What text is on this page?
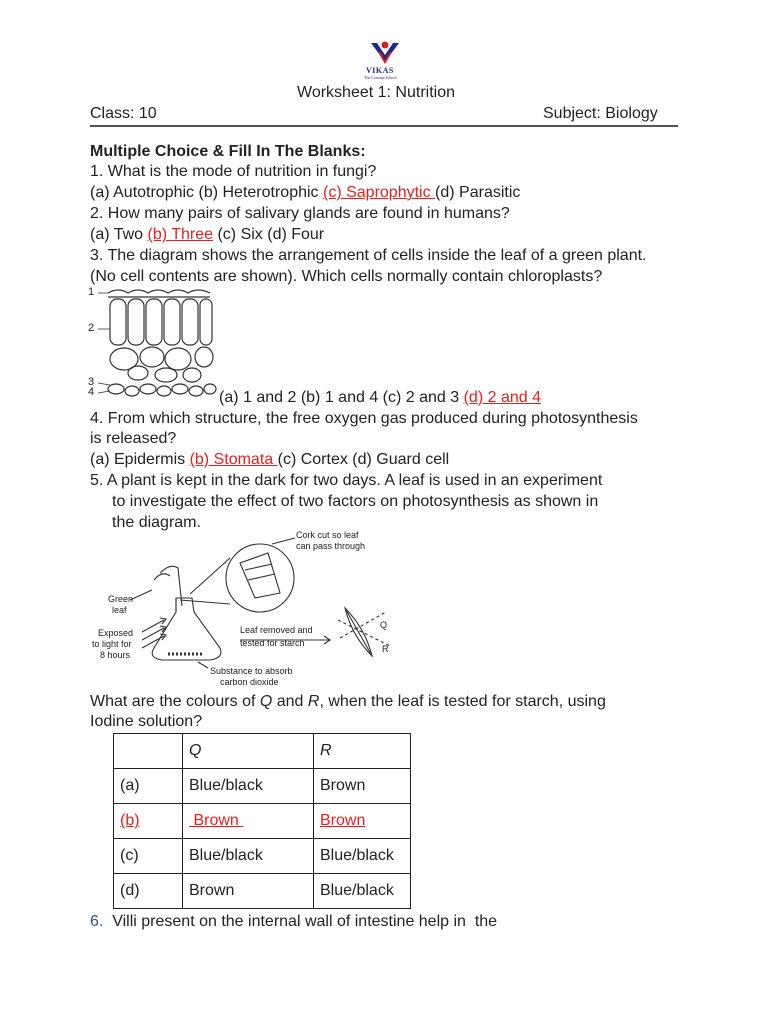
VIKAS
The Concept School
Worksheet 1: Nutrition
Class: 10	Subject: Biology
Multiple Choice & Fill In The Blanks:
1. What is the mode of nutrition in fungi?
(a) Autotrophic (b) Heterotrophic (c) Saprophytic (d) Parasitic
2. How many pairs of salivary glands are found in humans?
(a) Two (b) Three (c) Six (d) Four
3. The diagram shows the arrangement of cells inside the leaf of a green plant.
(No cell contents are shown). Which cells normally contain chloroplasts?
1
2
3
4	(a) 1 and 2 (b) 1 and 4 (c) 2 and 3 (d) 2 and 4
4. From which structure, the free oxygen gas produced during photosynthesis
is released?
(a) Epidermis (b) Stomata (c) Cortex (d) Guard cell
5. A plant is kept in the dark for two days. A leaf is used in an experiment
to investigate the effect of two factors on photosynthesis as shown in
the diagram.
Cork cut so leaf
can pass through
Green
leaf
Exposed
to light for
8 hours
Leaf removed and
tested for starch
Substance to absorb
carbon dioxide
Q
R
What are the colours of Q and R, when the leaf is tested for starch, using
Iodine solution?
	Q	R
(a)	Blue/black	Brown
(b)	Brown	Brown
(c)	Blue/black	Blue/black
(d)	Brown	Blue/black
6.  Villi present on the internal wall of intestine help in  the
